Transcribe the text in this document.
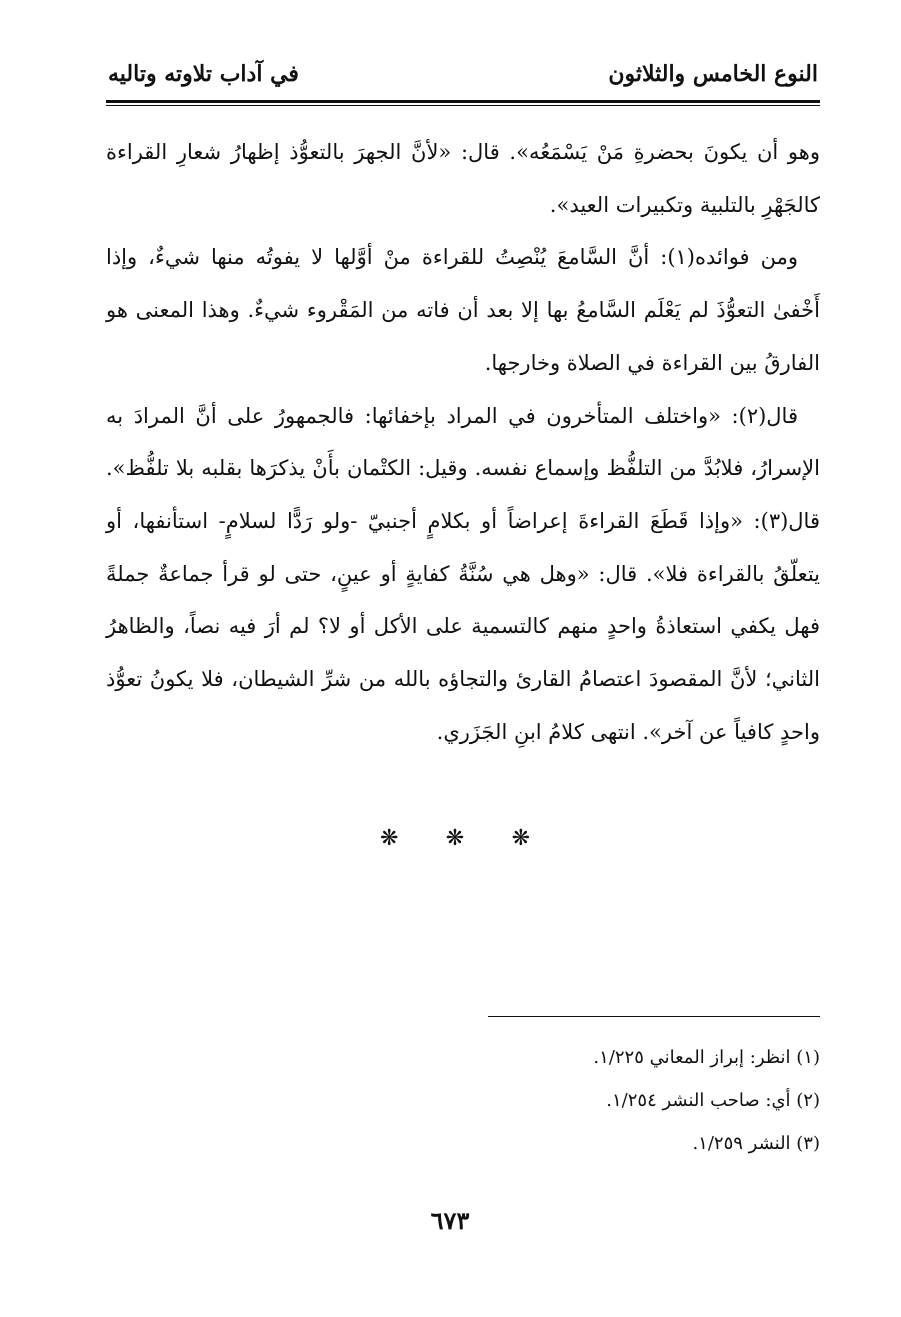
النوع الخامس والثلاثون
في آداب تلاوته وتاليه

وهو أن يكونَ بحضرةِ مَنْ يَسْمَعُه». قال: «لأنَّ الجهرَ بالتعوُّذ إظهارُ شعارِ القراءة كالجَهْرِ بالتلبية وتكبيرات العيد».

ومن فوائده(١): أنَّ السَّامعَ يُنْصِتُ للقراءة منْ أوَّلها لا يفوتُه منها شيءٌ، وإذا أَخْفىٰ التعوُّذَ لم يَعْلَم السَّامعُ بها إلا بعد أن فاته من المَقْروء شيءٌ. وهذا المعنى هو الفارقُ بين القراءة في الصلاة وخارجها.

قال(٢): «واختلف المتأخرون في المراد بإخفائها: فالجمهورُ على أنَّ المرادَ به الإسرارُ، فلابُدَّ من التلفُّظ وإسماع نفسه. وقيل: الكتْمان بأَنْ يذكرَها بقلبه بلا تلفُّظ». قال(٣): «وإذا قَطَعَ القراءةَ إعراضاً أو بكلامٍ أجنبيّ -ولو رَدًّا لسلامٍ- استأنفها، أو يتعلّقُ بالقراءة فلا». قال: «وهل هي سُنَّةُ كفايةٍ أو عينٍ، حتى لو قرأ جماعةٌ جملةً فهل يكفي استعاذةُ واحدٍ منهم كالتسمية على الأكل أو لا؟ لم أرَ فيه نصاً، والظاهرُ الثاني؛ لأنَّ المقصودَ اعتصامُ القارئ والتجاؤه بالله من شرِّ الشيطان، فلا يكونُ تعوُّذ واحدٍ كافياً عن آخر». انتهى كلامُ ابنِ الجَزَري.

❋ ❋ ❋
(١) انظر: إبراز المعاني ١/٢٢٥.
(٢) أي: صاحب النشر ١/٢٥٤.
(٣) النشر ١/٢٥٩.
٦٧٣
